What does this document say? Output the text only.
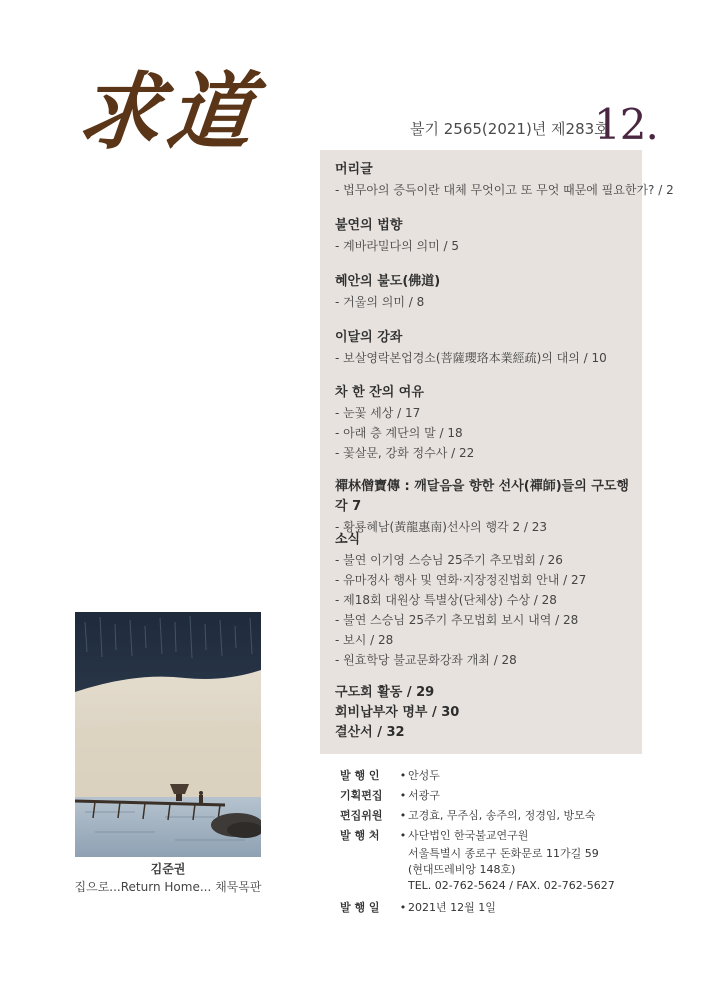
求道	불기 2565(2021)년 제283호
12.
머리글
- 법무아의 증득이란 대체 무엇이고 또 무엇 때문에 필요한가? / 2
불연의 법향
- 계바라밀다의 의미 / 5
혜안의 불도(佛道)
- 거울의 의미 / 8
이달의 강좌
- 보살영락본업경소(菩薩瓔珞本業經疏)의 대의 / 10
차 한 잔의 여유
- 눈꽃 세상 / 17
- 아래 층 계단의 말 / 18
- 꽃살문, 강화 정수사 / 22
禪林僧寶傳 : 깨달음을 향한 선사(禪師)들의 구도행각 7
- 황룡혜남(黃龍惠南)선사의 행각 2 / 23
소식
- 불연 이기영 스승님 25주기 추모법회 / 26
- 유마정사 행사 및 연화·지장정진법회 안내 / 27
- 제18회 대원상 특별상(단체상) 수상 / 28
- 불연 스승님 25주기 추모법회 보시 내역 / 28
- 보시 / 28
- 원효학당 불교문화강좌 개최 / 28
구도회 활동 / 29
회비납부자 명부 / 30
결산서 / 32
김준권
집으로...Return Home... 채묵목판
발 행 인	• 안성두
기획편집	• 서광구
편집위원	• 고경효, 무주심, 송주의, 정경임, 방모숙
발 행 처	• 사단법인 한국불교연구원
서울특별시 종로구 돈화문로 11가길 59
(현대뜨레비앙 148호)
TEL. 02-762-5624 / FAX. 02-762-5627
발 행 일	• 2021년 12월 1일
